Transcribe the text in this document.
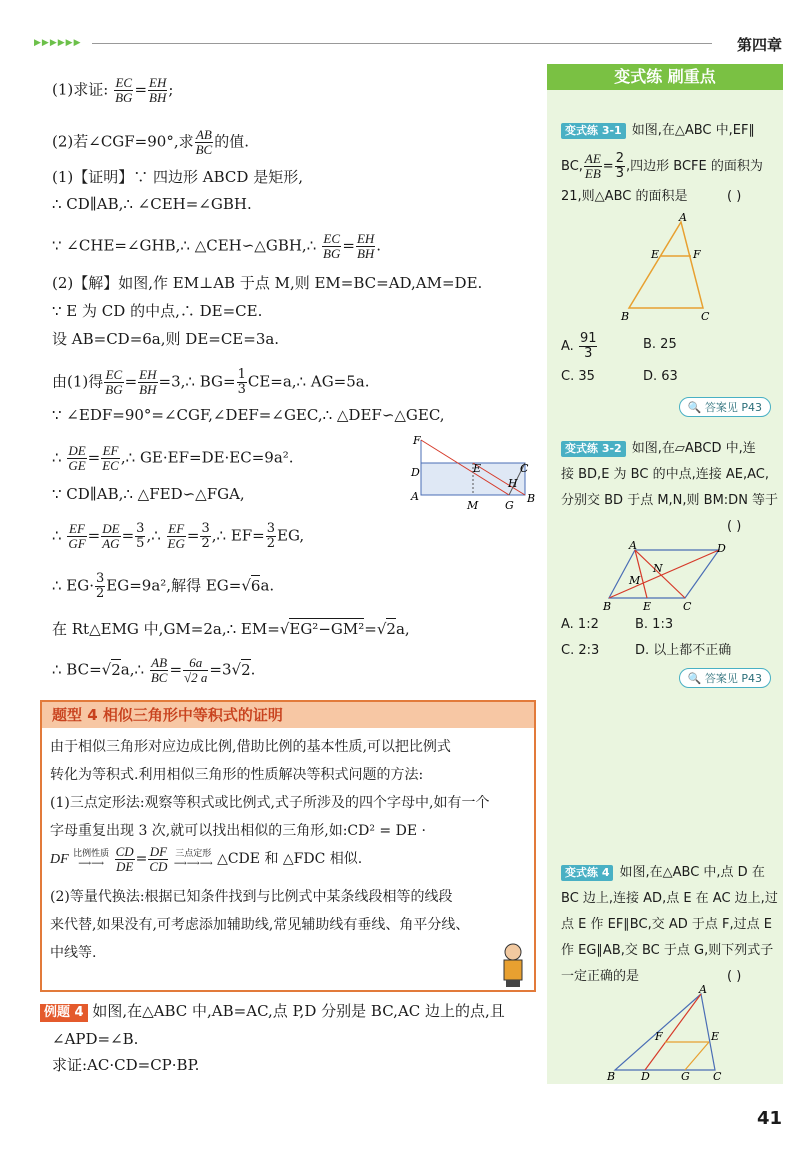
▶▶▶▶▶▶	第四章
(1)求证: $\frac{EC}{BG} = \frac{EH}{BH}$ ;
(2)若∠CGF=90°,求 $\frac{AB}{BC}$ 的值.
(1)【证明】∵ 四边形 ABCD 是矩形,
∴ CD∥AB,∴ ∠CEH=∠GBH.
∵ ∠CHE=∠GHB,∴ △CEH∽△GBH,∴ $\frac{EC}{BG} = \frac{EH}{BH}$ .
(2)【解】如图,作 EM⊥AB 于点 M,则 EM=BC=AD,AM=DE.
∵ E 为 CD 的中点,∴ DE=CE.
设 AB=CD=6a,则 DE=CE=3a.
由(1)得 $\frac{EC}{BG} = \frac{EH}{BH}$ =3,∴ $BG= \frac{1}{3}$ CE=a,∴ AG=5a.
∵ ∠EDF=90°=∠CGF,∠DEF=∠GEC,∴ △DEF∽△GEC,
∴ $\frac{DE}{GE} = \frac{EF}{EC}$ ,∴ GE·EF=DE·EC=9a².
∵ CD∥AB,∴ △FED∽△FGA,
∴ $\frac{EF}{GF} = \frac{DE}{AG} = \frac{3}{5}$ ,∴ $\frac{EF}{EG} = \frac{3}{2}$ ,∴ $EF= \frac{3}{2}$ EG,
∴ $EG\cdot \frac{3}{2} EG=9a^2$,解得 EG=√6a.
在 Rt△EMG 中,GM=2a,∴ EM=√EG²−GM²=√2a,
∴ BC=√2a,∴ $\frac{AB}{BC} = \frac{6a}{√2 a} =3√2$.
F
D
A
E
M G
H
C
B
题型 4 相似三角形中等积式的证明
由于相似三角形对应边成比例,借助比例的基本性质,可以把比例式
转化为等积式.利用相似三角形的性质解决等积式问题的方法:
(1)三点定形法:观察等积式或比例式,式子所涉及的四个字母中,如有一个
字母重复出现 3 次,就可以找出相似的三角形,如:CD² = DE ·
DF 比例性质
⟶⟶ $\frac{CD}{DE} = \frac{DF}{CD}$ 三点定形
⟶⟶⟶ △CDE 和 △FDC 相似.
(2)等量代换法:根据已知条件找到与比例式中某条线段相等的线段
来代替,如果没有,可考虑添加辅助线,常见辅助线有垂线、角平分线、
中线等.
例题 4 如图,在△ABC 中,AB=AC,点 P,D 分别是 BC,AC 边上的点,且
∠APD=∠B.
求证:AC·CD=CP·BP.
变式练 刷重点
变式练 3-1 如图,在△ABC 中,EF∥
BC, $\frac{AE}{EB} = \frac{2}{3}$ ,四边形 BCFE 的面积为
21,则△ABC 的面积是	( )
A
E	F
B	C
A. $\frac{91}{3}$	B. 25
C. 35	D. 63
🔍 答案见 P43
变式练 3-2 如图,在▱ABCD 中,连
接 BD,E 为 BC 的中点,连接 AE,AC,
分别交 BD 于点 M,N,则 BM:DN 等于
( )
A	D
N
M
B	E	C
A. 1:2	B. 1:3
C. 2:3	D. 以上都不正确
🔍 答案见 P43
变式练 4 如图,在△ABC 中,点 D 在
BC 边上,连接 AD,点 E 在 AC 边上,过
点 E 作 EF∥BC,交 AD 于点 F,过点 E
作 EG∥AB,交 BC 于点 G,则下列式子
一定正确的是	( )
A
F	E
B D	G C
41
